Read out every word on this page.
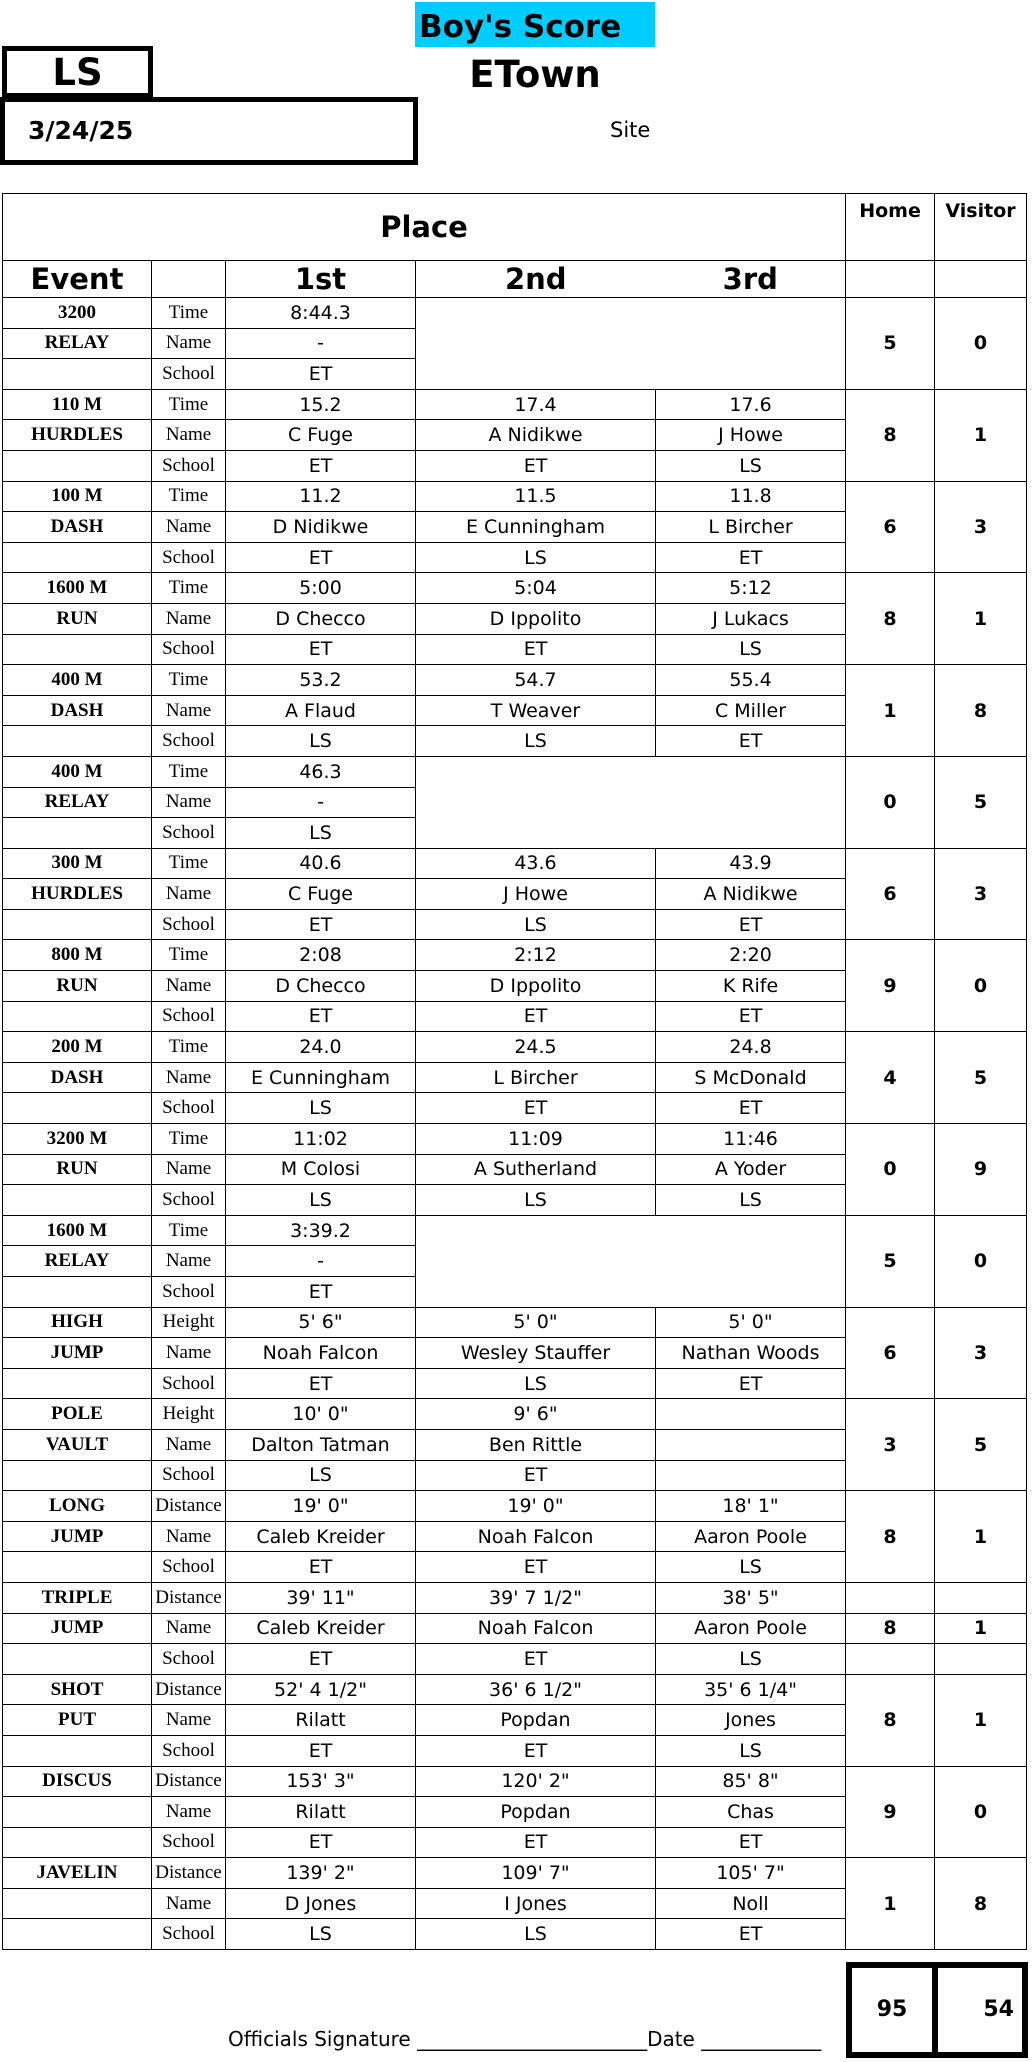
Boy's Score
LS	ETown
3/24/25	Site
Place					Home	Visitor
Event		1st	2nd	3rd		
3200	Time	8:44.3			5	0
RELAY	Name	-				
	School	ET				
110 M	Time	15.2	17.4	17.6	8	1
HURDLES	Name	C Fuge	A Nidikwe	J Howe		
	School	ET	ET	LS		
100 M	Time	11.2	11.5	11.8	6	3
DASH	Name	D Nidikwe	E Cunningham	L Bircher		
	School	ET	LS	ET		
1600 M	Time	5:00	5:04	5:12	8	1
RUN	Name	D Checco	D Ippolito	J Lukacs		
	School	ET	ET	LS		
400 M	Time	53.2	54.7	55.4	1	8
DASH	Name	A Flaud	T Weaver	C Miller		
	School	LS	LS	ET		
400 M	Time	46.3			0	5
RELAY	Name	-				
	School	LS				
300 M	Time	40.6	43.6	43.9	6	3
HURDLES	Name	C Fuge	J Howe	A Nidikwe		
	School	ET	LS	ET		
800 M	Time	2:08	2:12	2:20	9	0
RUN	Name	D Checco	D Ippolito	K Rife		
	School	ET	ET	ET		
200 M	Time	24.0	24.5	24.8	4	5
DASH	Name	E Cunningham	L Bircher	S McDonald		
	School	LS	ET	ET		
3200 M	Time	11:02	11:09	11:46	0	9
RUN	Name	M Colosi	A Sutherland	A Yoder		
	School	LS	LS	LS		
1600 M	Time	3:39.2			5	0
RELAY	Name	-				
	School	ET				
HIGH	Height	5' 6"	5' 0"	5' 0"	6	3
JUMP	Name	Noah Falcon	Wesley Stauffer	Nathan Woods		
	School	ET	LS	ET		
POLE	Height	10' 0"	9' 6"		3	5
VAULT	Name	Dalton Tatman	Ben Rittle			
	School	LS	ET			
LONG	Distance	19' 0"	19' 0"	18' 1"	8	1
JUMP	Name	Caleb Kreider	Noah Falcon	Aaron Poole		
	School	ET	ET	LS		
TRIPLE	Distance	39' 11"	39' 7 1/2"	38' 5"		
JUMP	Name	Caleb Kreider	Noah Falcon	Aaron Poole	8	1
	School	ET	ET	LS		
SHOT	Distance	52' 4 1/2"	36' 6 1/2"	35' 6 1/4"	8	1
PUT	Name	Rilatt	Popdan	Jones		
	School	ET	ET	LS		
DISCUS	Distance	153' 3"	120' 2"	85' 8"	9	0
	Name	Rilatt	Popdan	Chas		
	School	ET	ET	ET		
JAVELIN	Distance	139' 2"	109' 7"	105' 7"	1	8
	Name	D Jones	I Jones	Noll		
	School	LS	LS	ET		
95	54
Officials Signature _______________________Date ____________
